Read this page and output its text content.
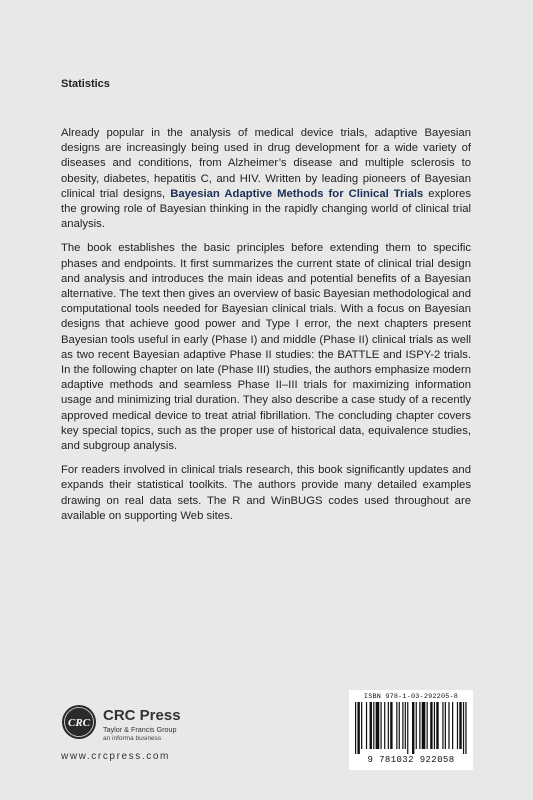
Statistics

Already popular in the analysis of medical device trials, adaptive Bayesian designs are increasingly being used in drug development for a wide variety of diseases and conditions, from Alzheimer’s disease and multiple sclerosis to obesity, diabetes, hepatitis C, and HIV. Written by leading pioneers of Bayesian clinical trial designs, Bayesian Adaptive Methods for Clinical Trials explores the growing role of Bayesian thinking in the rapidly changing world of clinical trial analysis.

The book establishes the basic principles before extending them to specific phases and endpoints. It first summarizes the current state of clinical trial design and analysis and introduces the main ideas and potential benefits of a Bayesian alternative. The text then gives an overview of basic Bayesian methodological and computational tools needed for Bayesian clinical trials. With a focus on Bayesian designs that achieve good power and Type I error, the next chapters present Bayesian tools useful in early (Phase I) and middle (Phase II) clinical trials as well as two recent Bayesian adaptive Phase II studies: the BATTLE and ISPY-2 trials. In the following chapter on late (Phase III) studies, the authors emphasize modern adaptive methods and seamless Phase II–III trials for maximizing information usage and minimizing trial duration. They also describe a case study of a recently approved medical device to treat atrial fibrillation. The concluding chapter covers key special topics, such as the proper use of historical data, equivalence studies, and subgroup analysis.

For readers involved in clinical trials research, this book significantly updates and expands their statistical toolkits. The authors provide many detailed examples drawing on real data sets. The R and WinBUGS codes used throughout are available on supporting Web sites.

CRC CRC Press
Taylor & Francis Group
an informa business
www.crcpress.com
ISBN 978-1-03-292205-8
9 781032 922058
